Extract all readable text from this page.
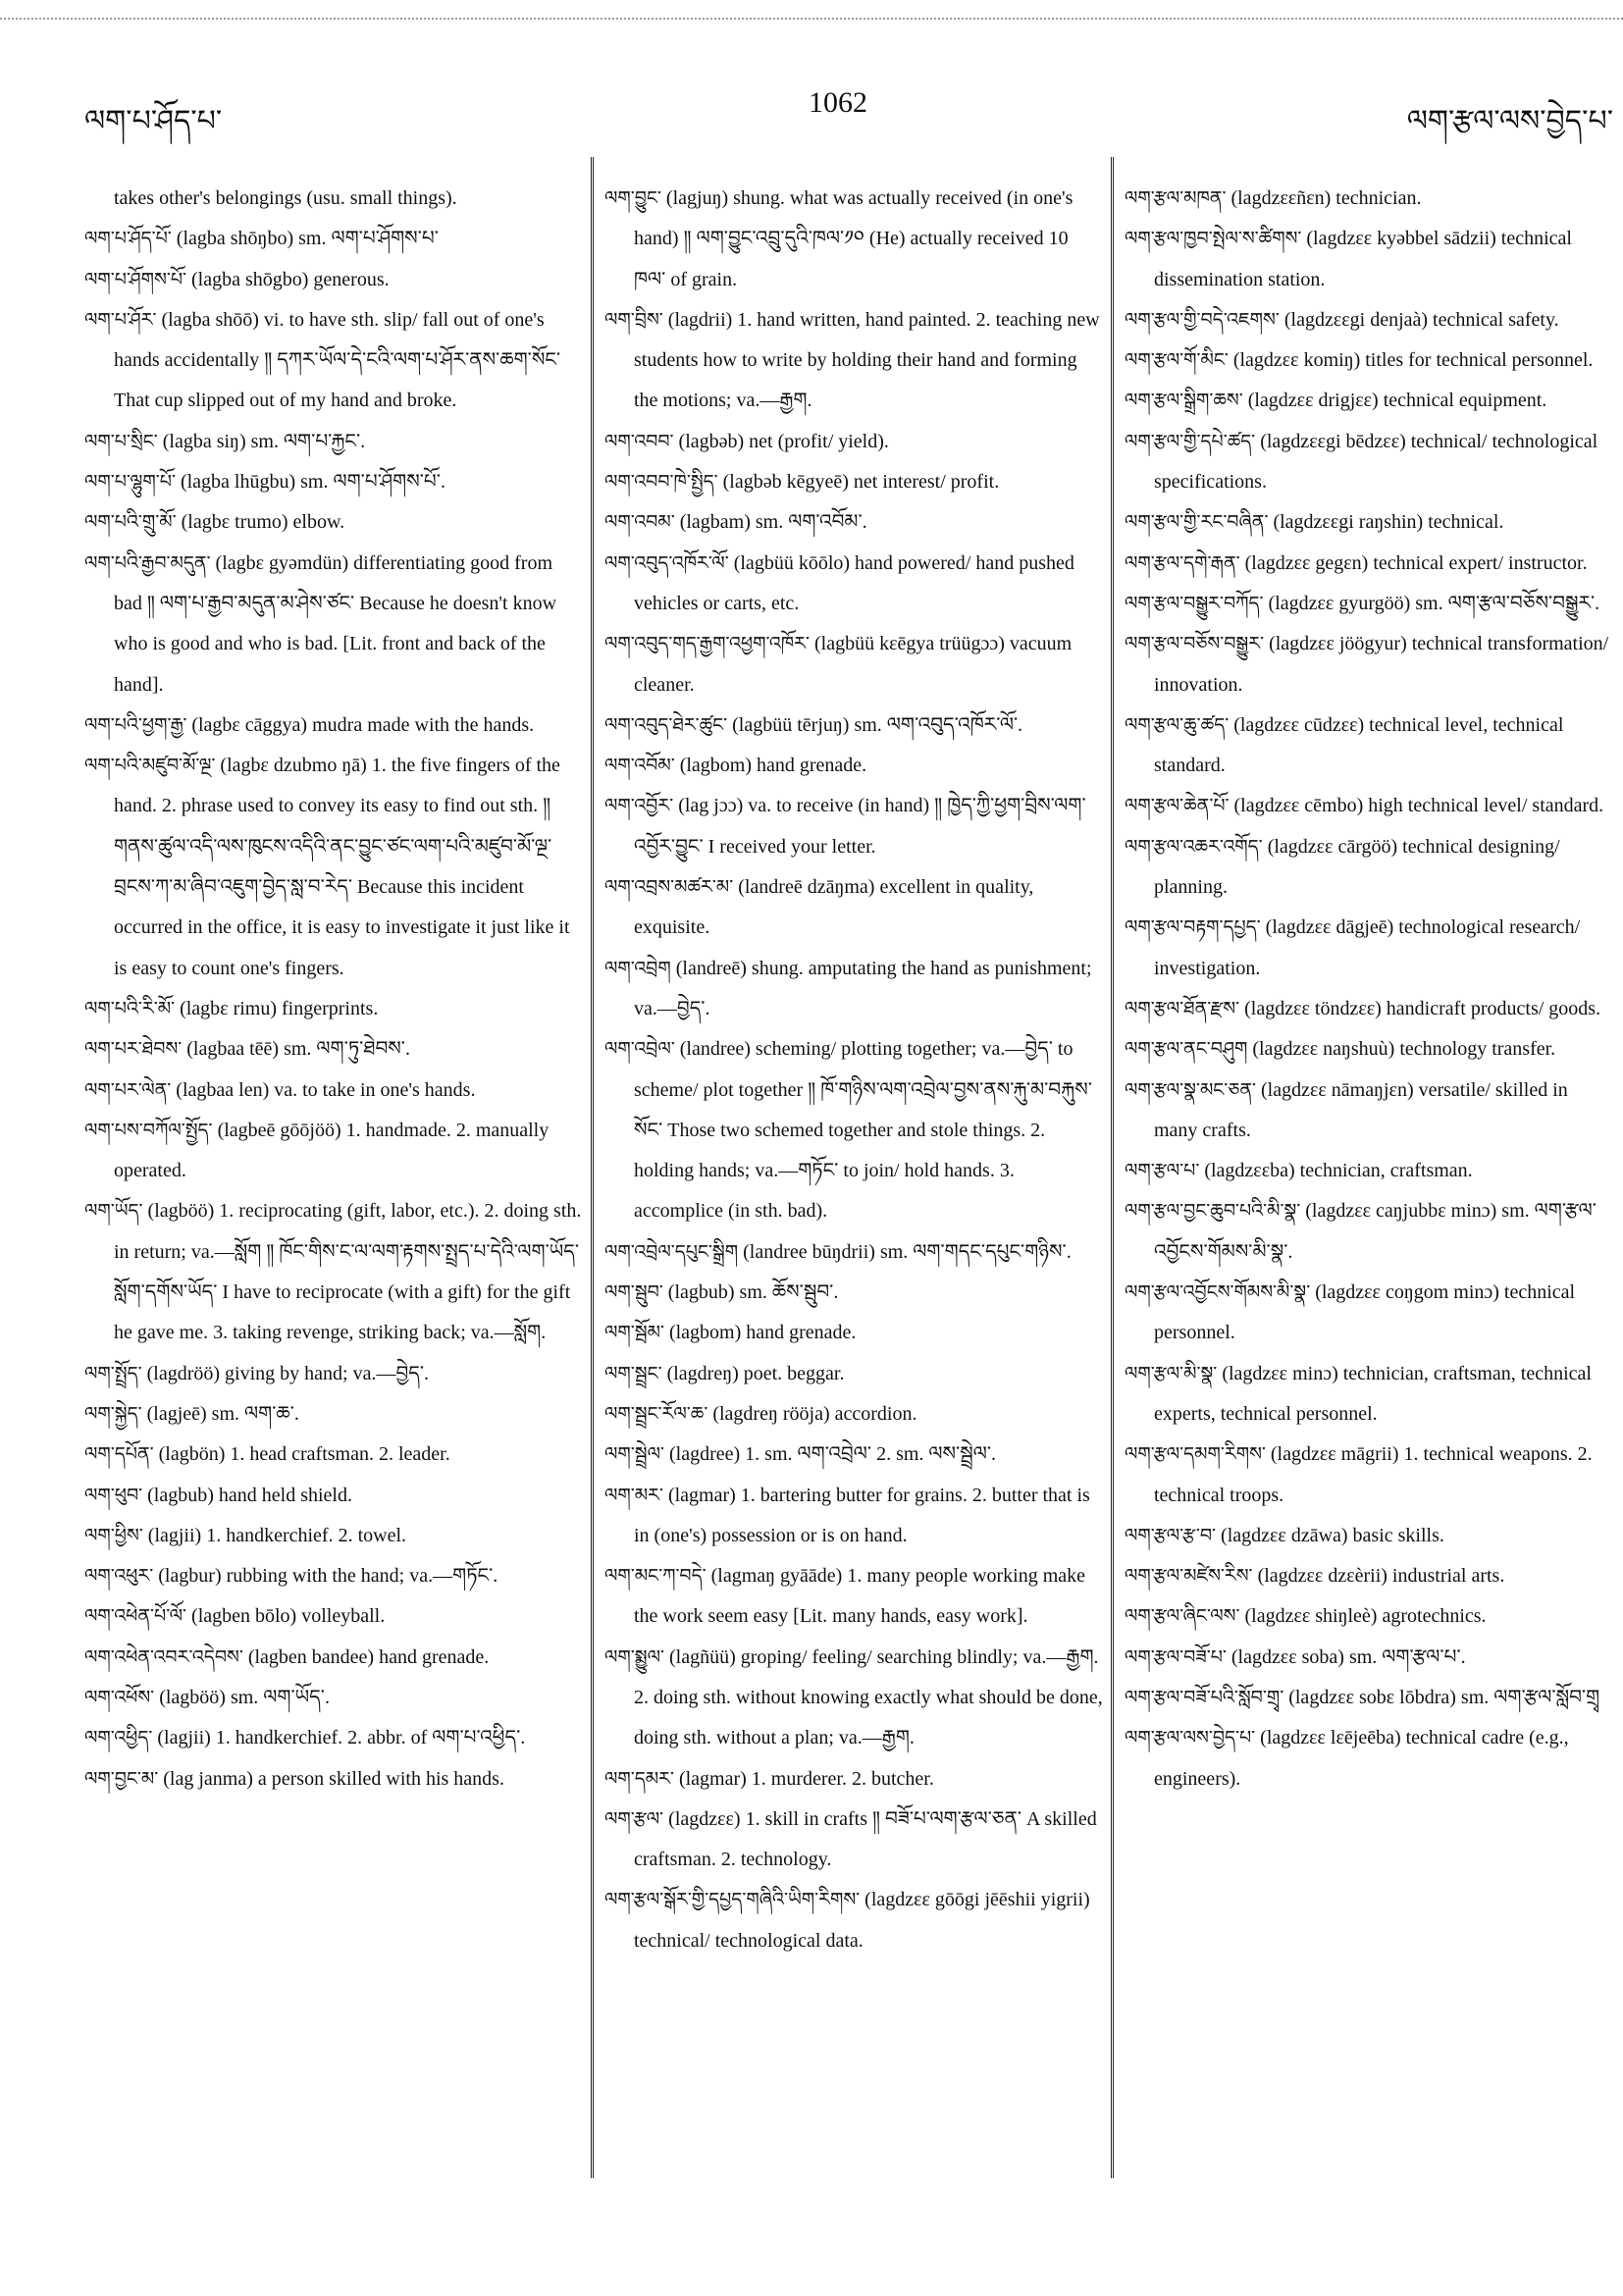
ལག་པ་ཤོད་པ་
1062
ལག་རྩལ་ལས་བྱེད་པ་
takes other's belongings (usu. small things).
ལག་པ་ཤོད་པོ་ (lagba shōŋbo) sm. ལག་པ་ཤོགས་པ་
ལག་པ་ཤོགས་པོ་ (lagba shōgbo) generous.
ལག་པ་ཤོར་ (lagba shōō) vi. to have sth. slip/ fall out of one's hands accidentally ༎ དཀར་ཡོལ་དེ་ངའི་ལག་པ་ཤོར་ནས་ཆག་སོང་ That cup slipped out of my hand and broke.
ལག་པ་སྲིང་ (lagba siŋ) sm. ལག་པ་རྐྱང་.
ལག་པ་ལྷུག་པོ་ (lagba lhūgbu) sm. ལག་པ་ཤོགས་པོ་.
ལག་པའི་གྲུ་མོ་ (lagbɛ trumo) elbow.
ལག་པའི་རྒྱབ་མདུན་ (lagbɛ gyəmdün) differentiating good from bad ༎ ལག་པ་རྒྱབ་མདུན་མ་ཤེས་ཙང་ Because he doesn't know who is good and who is bad. [Lit. front and back of the hand].
ལག་པའི་ཕྱག་རྒྱ་ (lagbɛ cāggya) mudra made with the hands.
ལག་པའི་མཛུབ་མོ་ལྔ་ (lagbɛ dzubmo ŋā) 1. the five fingers of the hand. 2. phrase used to convey its easy to find out sth. ༎ གནས་ཚུལ་འདི་ལས་ཁུངས་འདིའི་ནང་བྱུང་ཙང་ལག་པའི་མཛུབ་མོ་ལྔ་བྲངས་ཀ་མ་ཞིབ་འཇུག་བྱེད་སླ་བ་རེད་ Because this incident occurred in the office, it is easy to investigate it just like it is easy to count one's fingers.
ལག་པའི་རི་མོ་ (lagbɛ rimu) fingerprints.
ལག་པར་ཐེབས་ (lagbaa tēē) sm. ལག་ཏུ་ཐེབས་.
ལག་པར་ལེན་ (lagbaa len) va. to take in one's hands.
ལག་པས་བཀོལ་སྤྱོད་ (lagbeē gōōjöö) 1. handmade. 2. manually operated.
ལག་ཡོད་ (lagböö) 1. reciprocating (gift, labor, etc.). 2. doing sth. in return; va.—སློག ༎ ཁོང་གིས་ང་ལ་ལག་རྟགས་སྤྲད་པ་དེའི་ལག་ཡོད་སློག་དགོས་ཡོད་ I have to reciprocate (with a gift) for the gift he gave me. 3. taking revenge, striking back; va.—སློག.
ལག་སྤྲོད་ (lagdröö) giving by hand; va.—བྱེད་.
ལག་སྐྱེད་ (lagjeē) sm. ལག་ཆ་.
ལག་དཔོན་ (lagbön) 1. head craftsman. 2. leader.
ལག་ཕུབ་ (lagbub) hand held shield.
ལག་ཕྱིས་ (lagjii) 1. handkerchief. 2. towel.
ལག་འཕུར་ (lagbur) rubbing with the hand; va.—གཏོང་.
ལག་འཕེན་པོ་ལོ་ (lagben bōlo) volleyball.
ལག་འཕེན་འབར་འདེབས་ (lagben bandee) hand grenade.
ལག་འཕོས་ (lagböö) sm. ལག་ཡོད་.
ལག་འཕྱིད་ (lagjii) 1. handkerchief. 2. abbr. of ལག་པ་འཕྱིད་.
ལག་བྱང་མ་ (lag janma) a person skilled with his hands.
ལག་བྱུང་ (lagjuŋ) shung. what was actually received (in one's hand) ༎ ལག་བྱུང་འབྲུ་དུའི་ཁལ་༡༠ (He) actually received 10 ཁལ་ of grain.
ལག་བྲིས་ (lagdrii) 1. hand written, hand painted. 2. teaching new students how to write by holding their hand and forming the motions; va.—རྒྱག.
ལག་འབབ་ (lagbəb) net (profit/ yield).
ལག་འབབ་ཁེ་སྤྱིད་ (lagbəb kēgyeē) net interest/ profit.
ལག་འབམ་ (lagbam) sm. ལག་འབོམ་.
ལག་འབུད་འཁོར་ལོ་ (lagbüü kōōlo) hand powered/ hand pushed vehicles or carts, etc.
ལག་འབུད་གད་རྒྱག་འཕྱག་འཁོར་ (lagbüü kɛēgya trüügɔɔ) vacuum cleaner.
ལག་འབུད་ཐེར་ཚུང་ (lagbüü tērjuŋ) sm. ལག་འབུད་འཁོར་ལོ་.
ལག་འབོམ་ (lagbom) hand grenade.
ལག་འབྱོར་ (lag jɔɔ) va. to receive (in hand) ༎ ཁྱེད་ཀྱི་ཕྱག་བྲིས་ལག་འབྱོར་བྱུང་ I received your letter.
ལག་འབྲས་མཚར་མ་ (landreē dzāŋma) excellent in quality, exquisite.
ལག་འབྲེག (landreē) shung. amputating the hand as punishment; va.—བྱེད་.
ལག་འབྲེལ་ (landree) scheming/ plotting together; va.—བྱེད་ to scheme/ plot together ༎ ཁོ་གཉིས་ལག་འབྲེལ་བྱས་ནས་རྐུ་མ་བརྐུས་སོང་ Those two schemed together and stole things. 2. holding hands; va.—གཏོང་ to join/ hold hands. 3. accomplice (in sth. bad).
ལག་འབྲེལ་དཔུང་སྒྲིག (landree būŋdrii) sm. ལག་གདང་དཔུང་གཉིས་.
ལག་སྦུབ་ (lagbub) sm. ཆོས་སྦུབ་.
ལག་སྦོམ་ (lagbom) hand grenade.
ལག་སྦྲང་ (lagdreŋ) poet. beggar.
ལག་སྦྲང་རོལ་ཆ་ (lagdreŋ rööja) accordion.
ལག་སྦྲེལ་ (lagdree) 1. sm. ལག་འབྲེལ་ 2. sm. ལས་སྦྲེལ་.
ལག་མར་ (lagmar) 1. bartering butter for grains. 2. butter that is in (one's) possession or is on hand.
ལག་མང་ཀ་བདེ་ (lagmaŋ gyāāde) 1. many people working make the work seem easy [Lit. many hands, easy work].
ལག་སྨྱུལ་ (lagñüü) groping/ feeling/ searching blindly; va.—རྒྱག. 2. doing sth. without knowing exactly what should be done, doing sth. without a plan; va.—རྒྱག.
ལག་དམར་ (lagmar) 1. murderer. 2. butcher.
ལག་རྩལ་ (lagdzɛɛ) 1. skill in crafts ༎ བཟོ་པ་ལག་རྩལ་ཅན་ A skilled craftsman. 2. technology.
ལག་རྩལ་སྒོར་གྱི་དཔྱད་གཞིའི་ཡིག་རིགས་ (lagdzɛɛ gōōgi jēēshii yigrii) technical/ technological data.
ལག་རྩལ་མཁན་ (lagdzɛɛñɛn) technician.
ལག་རྩལ་ཁྱབ་སྤེལ་ས་ཚིགས་ (lagdzɛɛ kyəbbel sādzii) technical dissemination station.
ལག་རྩལ་གྱི་བདེ་འཇགས་ (lagdzɛɛgi denjaà) technical safety.
ལག་རྩལ་གོ་མིང་ (lagdzɛɛ komiŋ) titles for technical personnel.
ལག་རྩལ་སྒྲིག་ཆས་ (lagdzɛɛ drigjɛɛ) technical equipment.
ལག་རྩལ་གྱི་དཔེ་ཚད་ (lagdzɛɛgi bēdzɛɛ) technical/ technological specifications.
ལག་རྩལ་གྱི་རང་བཞིན་ (lagdzɛɛgi raŋshin) technical.
ལག་རྩལ་དགེ་རྒན་ (lagdzɛɛ gegɛn) technical expert/ instructor.
ལག་རྩལ་བསྒྱུར་བཀོད་ (lagdzɛɛ gyurgöö) sm. ལག་རྩལ་བཅོས་བསྒྱུར་.
ལག་རྩལ་བཅོས་བསྒྱུར་ (lagdzɛɛ jöögyur) technical transformation/ innovation.
ལག་རྩལ་ཆུ་ཚད་ (lagdzɛɛ cūdzɛɛ) technical level, technical standard.
ལག་རྩལ་ཆེན་པོ་ (lagdzɛɛ cēmbo) high technical level/ standard.
ལག་རྩལ་འཆར་འགོད་ (lagdzɛɛ cārgöö) technical designing/ planning.
ལག་རྩལ་བརྟག་དཔྱད་ (lagdzɛɛ dāgjeē) technological research/ investigation.
ལག་རྩལ་ཐོན་རྫས་ (lagdzɛɛ töndzɛɛ) handicraft products/ goods.
ལག་རྩལ་ནང་བཤུག (lagdzɛɛ naŋshuù) technology transfer.
ལག་རྩལ་སྣ་མང་ཅན་ (lagdzɛɛ nāmaŋjɛn) versatile/ skilled in many crafts.
ལག་རྩལ་པ་ (lagdzɛɛba) technician, craftsman.
ལག་རྩལ་བྱང་ཆུབ་པའི་མི་སྣ་ (lagdzɛɛ caŋjubbɛ minɔ) sm. ལག་རྩལ་འབྱོངས་གོམས་མི་སྣ་.
ལག་རྩལ་འབྱོངས་གོམས་མི་སྣ་ (lagdzɛɛ coŋgom minɔ) technical personnel.
ལག་རྩལ་མི་སྣ་ (lagdzɛɛ minɔ) technician, craftsman, technical experts, technical personnel.
ལག་རྩལ་དམག་རིགས་ (lagdzɛɛ māgrii) 1. technical weapons. 2. technical troops.
ལག་རྩལ་རྩ་བ་ (lagdzɛɛ dzāwa) basic skills.
ལག་རྩལ་མཛེས་རིས་ (lagdzɛɛ dzɛèrii) industrial arts.
ལག་རྩལ་ཞིང་ལས་ (lagdzɛɛ shiŋleè) agrotechnics.
ལག་རྩལ་བཟོ་པ་ (lagdzɛɛ soba) sm. ལག་རྩལ་པ་.
ལག་རྩལ་བཟོ་པའི་སློབ་གྲྭ་ (lagdzɛɛ sobɛ lōbdra) sm. ལག་རྩལ་སློབ་གྲྭ
ལག་རྩལ་ལས་བྱེད་པ་ (lagdzɛɛ lɛējeēba) technical cadre (e.g., engineers).
